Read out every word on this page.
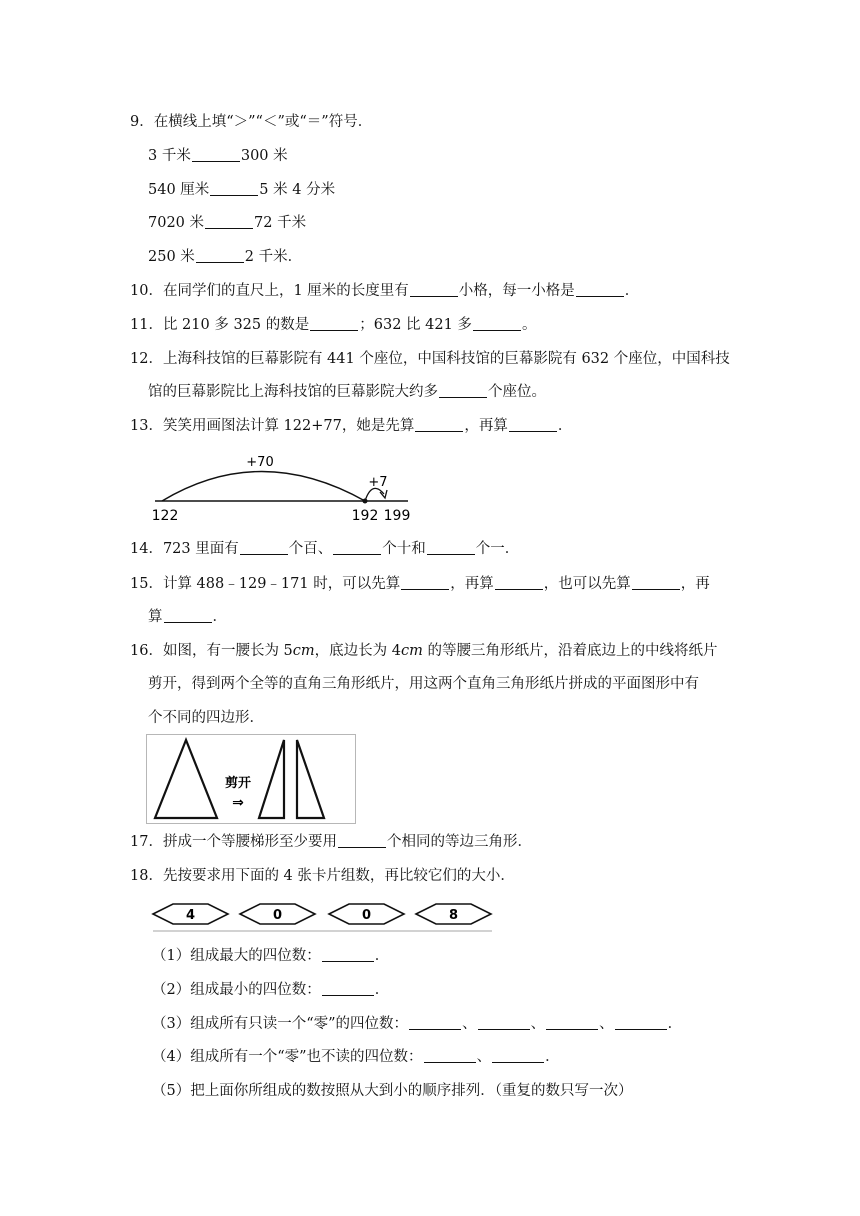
9．在横线上填“＞”“＜”或“＝”符号．
3 千米	300 米
540 厘米	5 米 4 分米
7020 米	72 千米
250 米	2 千米．
10．在同学们的直尺上，1 厘米的长度里有	小格，每一小格是	．
11．比 210 多 325 的数是	；632 比 421 多	。
12．上海科技馆的巨幕影院有 441 个座位，中国科技馆的巨幕影院有 632 个座位，中国科技
馆的巨幕影院比上海科技馆的巨幕影院大约多	个座位。
13．笑笑用画图法计算 122+77，她是先算	，再算	．
+70
+7
122	192 199
14．723 里面有	个百、	个十和	个一．
15．计算 488﹣129﹣171 时，可以先算	，再算	，也可以先算	，再
算	．
16．如图，有一腰长为 5cm，底边长为 4cm 的等腰三角形纸片，沿着底边上的中线将纸片
剪开，得到两个全等的直角三角形纸片，用这两个直角三角形纸片拼成的平面图形中有
个不同的四边形．
剪开
⇒
17．拼成一个等腰梯形至少要用	个相同的等边三角形．
18．先按要求用下面的 4 张卡片组数，再比较它们的大小．
4	0	0	8
（1）组成最大的四位数：	．
（2）组成最小的四位数：	．
（3）组成所有只读一个“零”的四位数：	、	、	、	．
（4）组成所有一个“零”也不读的四位数：	、	．
（5）把上面你所组成的数按照从大到小的顺序排列．（重复的数只写一次）
